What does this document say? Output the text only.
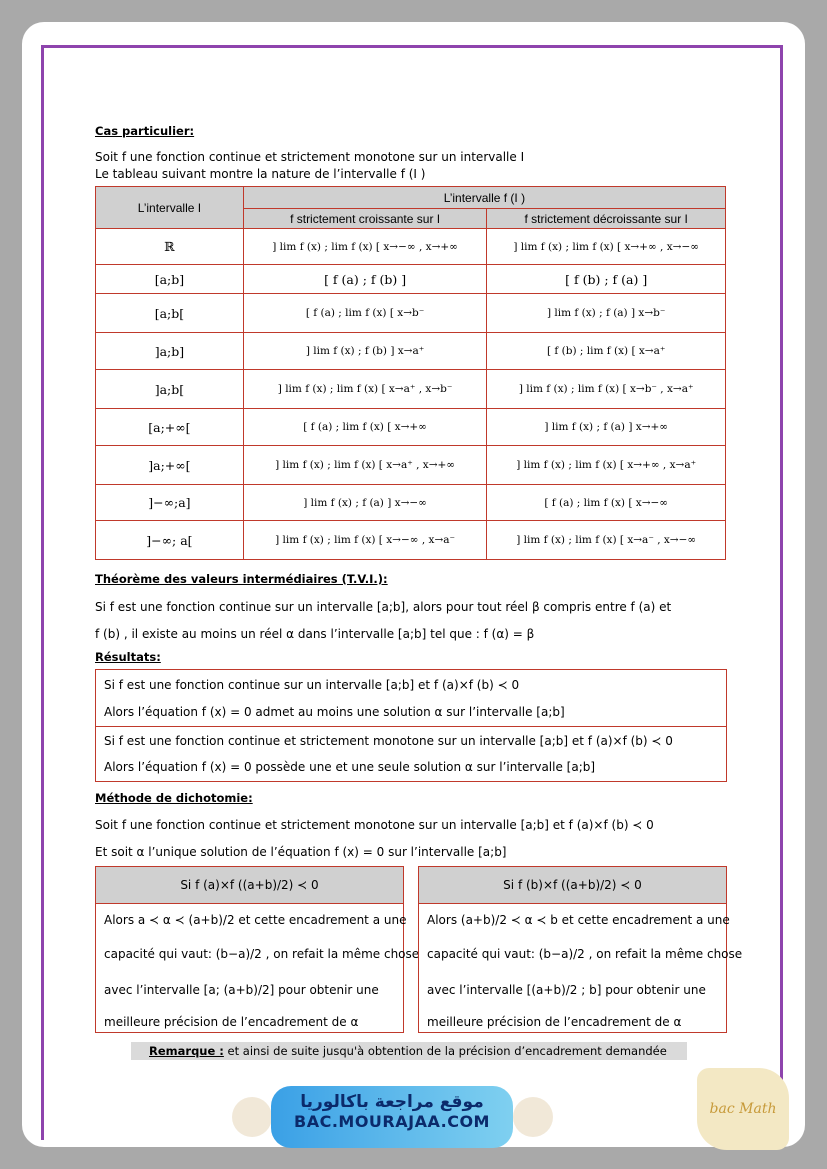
Cas particulier:
Soit f une fonction continue et strictement monotone sur un intervalle I
Le tableau suivant montre la nature de l’intervalle f (I )
L’intervalle I	L’intervalle f (I )	
	f strictement croissante sur I	f strictement décroissante sur I
ℝ	] lim f (x) ; lim f (x) [ x→−∞ , x→+∞	] lim f (x) ; lim f (x) [ x→+∞ , x→−∞
[a;b]	[ f (a) ; f (b) ]	[ f (b) ; f (a) ]
[a;b[	[ f (a) ; lim f (x) [ x→b⁻	] lim f (x) ; f (a) ] x→b⁻
]a;b]	] lim f (x) ; f (b) ] x→a⁺	[ f (b) ; lim f (x) [ x→a⁺
]a;b[	] lim f (x) ; lim f (x) [ x→a⁺ , x→b⁻	] lim f (x) ; lim f (x) [ x→b⁻ , x→a⁺
[a;+∞[	[ f (a) ; lim f (x) [ x→+∞	] lim f (x) ; f (a) ] x→+∞
]a;+∞[	] lim f (x) ; lim f (x) [ x→a⁺ , x→+∞	] lim f (x) ; lim f (x) [ x→+∞ , x→a⁺
]−∞;a]	] lim f (x) ; f (a) ] x→−∞	[ f (a) ; lim f (x) [ x→−∞
]−∞; a[	] lim f (x) ; lim f (x) [ x→−∞ , x→a⁻	] lim f (x) ; lim f (x) [ x→a⁻ , x→−∞
Théorème des valeurs intermédiaires (T.V.I.):
Si f est une fonction continue sur un intervalle [a;b], alors pour tout réel β compris entre f (a) et
f (b) , il existe au moins un réel α dans l’intervalle [a;b] tel que : f (α) = β
Résultats:
Si f est une fonction continue sur un intervalle [a;b] et f (a)×f (b) ≺ 0
Alors l’équation f (x) = 0 admet au moins une solution α sur l’intervalle [a;b]
Si f est une fonction continue et strictement monotone sur un intervalle [a;b] et f (a)×f (b) ≺ 0
Alors l’équation f (x) = 0 possède une et une seule solution α sur l’intervalle [a;b]
Méthode de dichotomie:
Soit f une fonction continue et strictement monotone sur un intervalle [a;b] et f (a)×f (b) ≺ 0
Et soit α l’unique solution de l’équation f (x) = 0 sur l’intervalle [a;b]
Si f (a)×f ((a+b)/2) ≺ 0
Alors a ≺ α ≺ (a+b)/2 et cette encadrement a une
capacité qui vaut: (b−a)/2 , on refait la même chose
avec l’intervalle [a; (a+b)/2] pour obtenir une
meilleure précision de l’encadrement de α
Si f (b)×f ((a+b)/2) ≺ 0
Alors (a+b)/2 ≺ α ≺ b et cette encadrement a une
capacité qui vaut: (b−a)/2 , on refait la même chose
avec l’intervalle [(a+b)/2 ; b] pour obtenir une
meilleure précision de l’encadrement de α
Remarque : et ainsi de suite jusqu'à obtention de la précision d’encadrement demandée
موقع مراجعة باكالوريا
BAC.MOURAJAA.COM
bac Math
